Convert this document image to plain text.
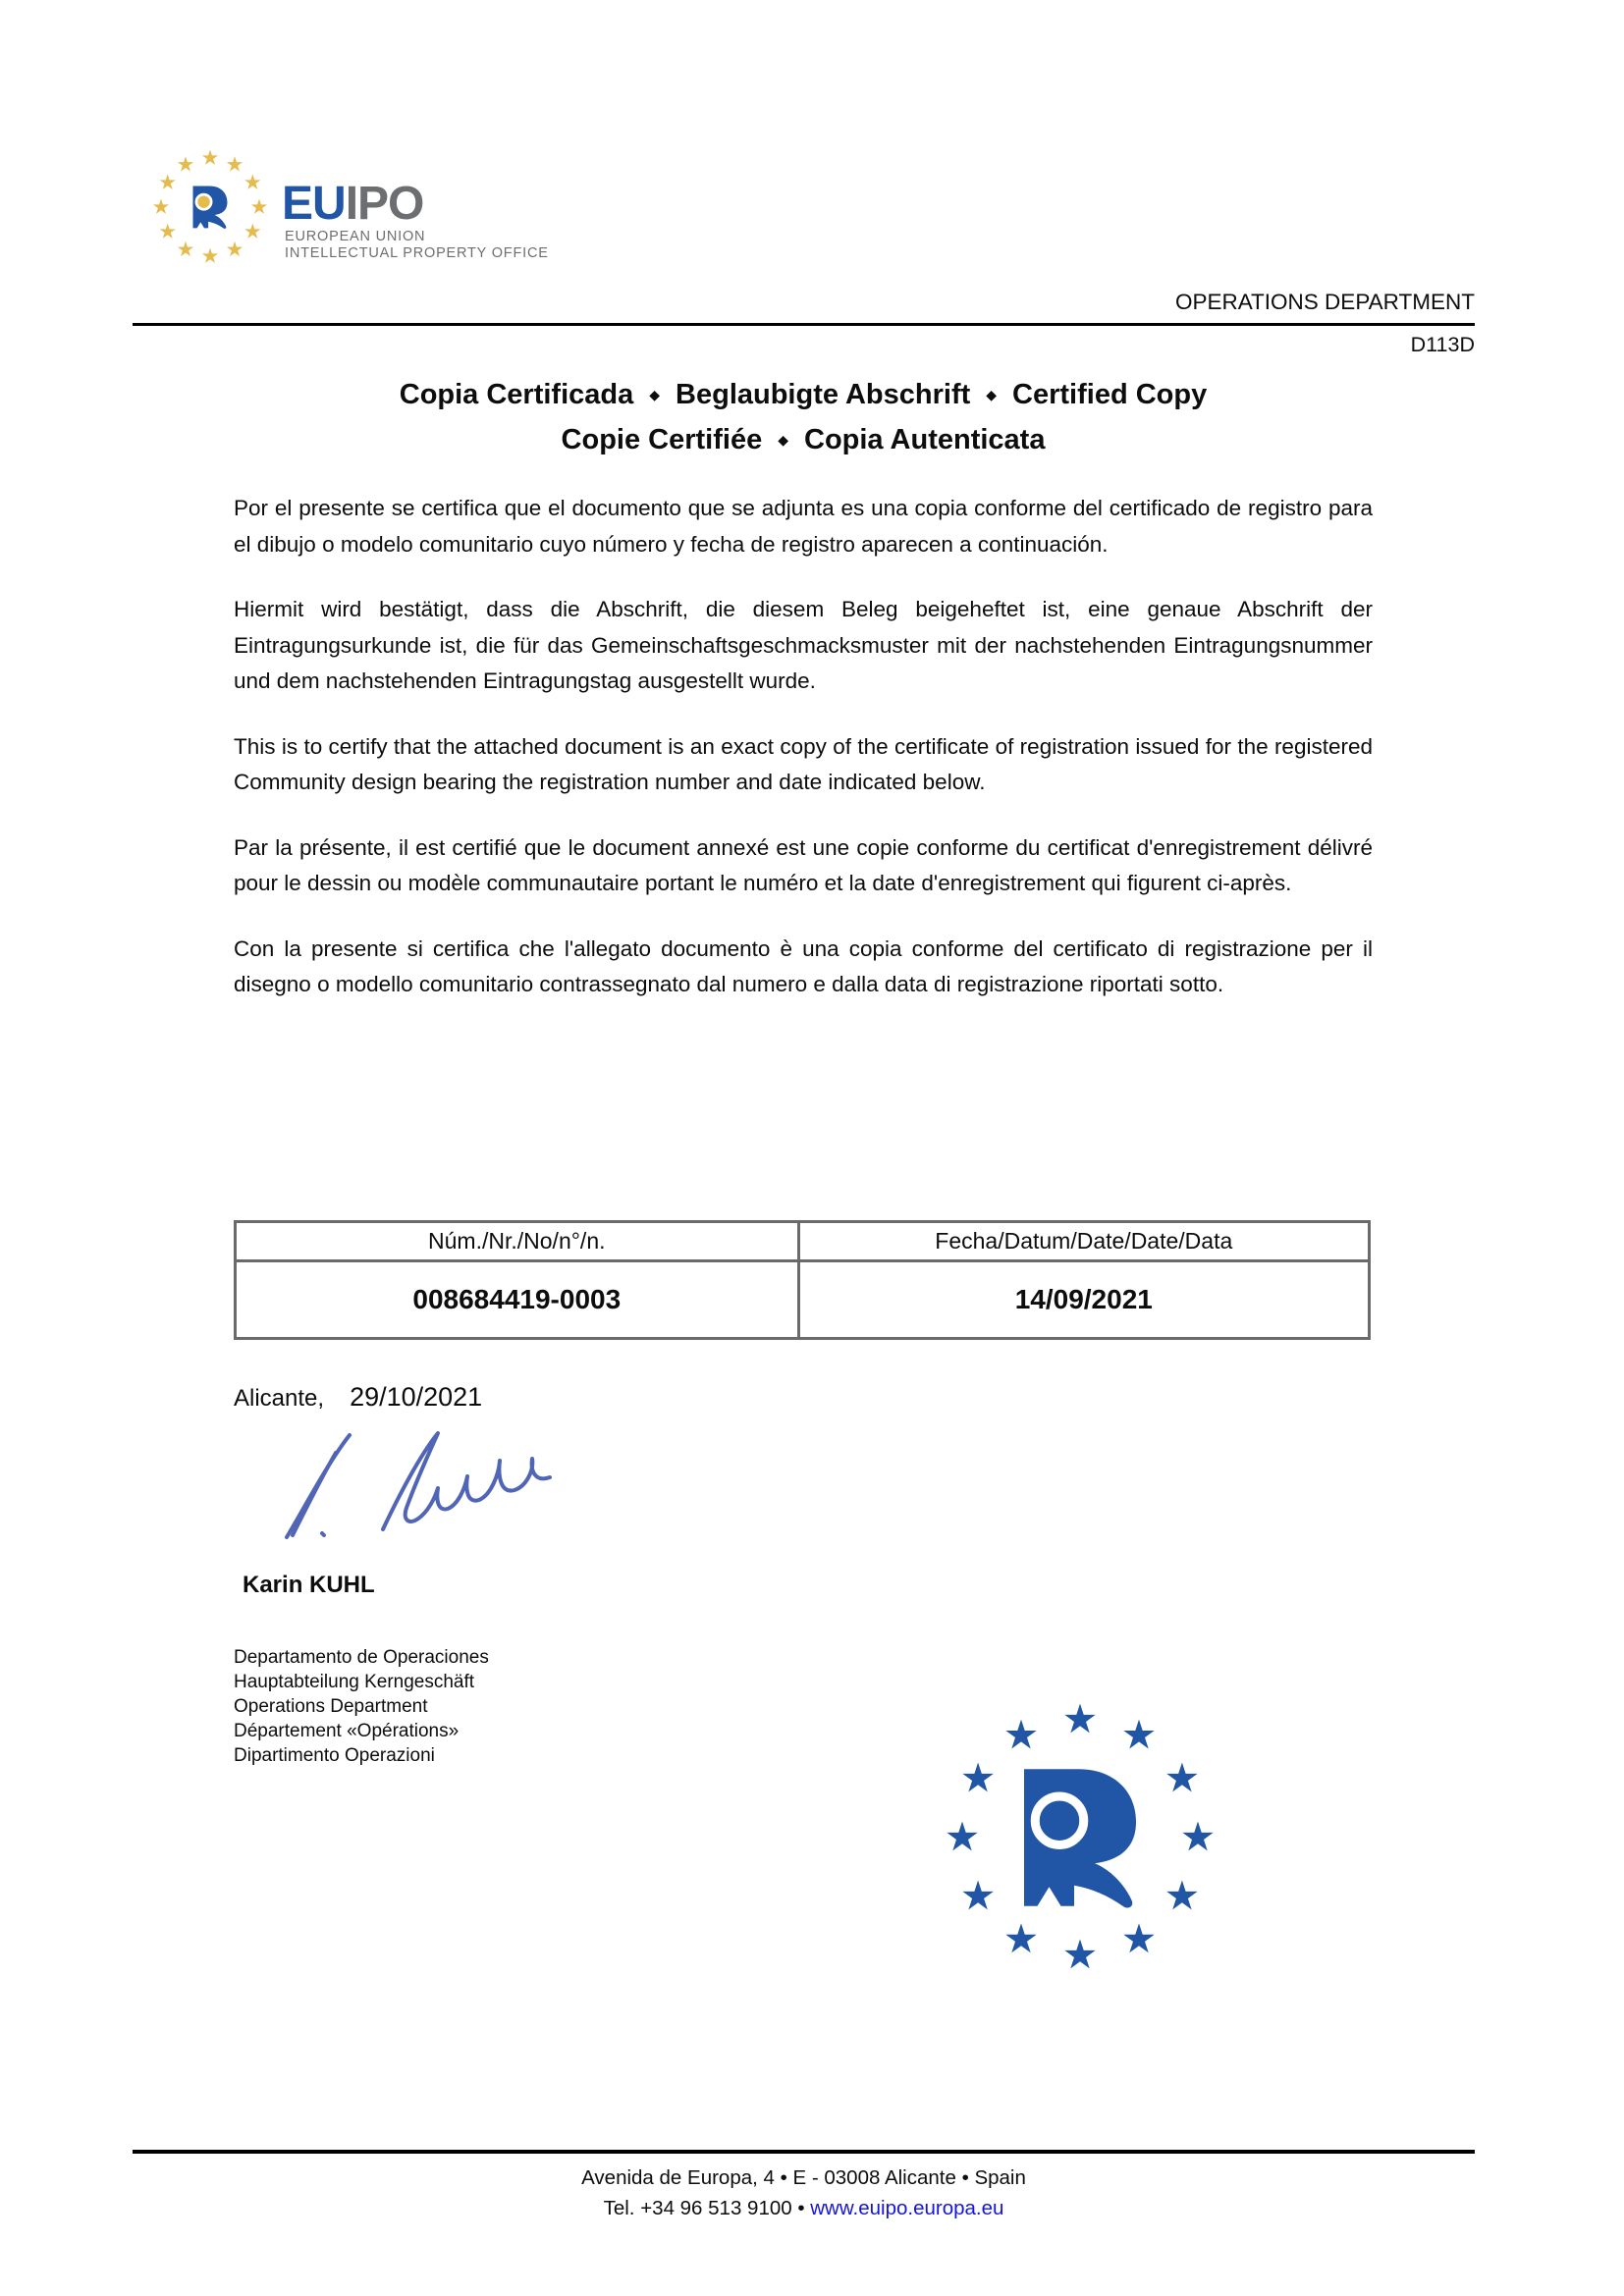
EUIPO
EUROPEAN UNION
INTELLECTUAL PROPERTY OFFICE
OPERATIONS DEPARTMENT
D113D
Copia Certificada ◆ Beglaubigte Abschrift ◆ Certified Copy
Copie Certifiée ◆ Copia Autenticata

Por el presente se certifica que el documento que se adjunta es una copia conforme del certificado de registro para el dibujo o modelo comunitario cuyo número y fecha de registro aparecen a continuación.

Hiermit wird bestätigt, dass die Abschrift, die diesem Beleg beigeheftet ist, eine genaue Abschrift der Eintragungsurkunde ist, die für das Gemeinschaftsgeschmacksmuster mit der nachstehenden Eintragungsnummer und dem nachstehenden Eintragungstag ausgestellt wurde.

This is to certify that the attached document is an exact copy of the certificate of registration issued for the registered Community design bearing the registration number and date indicated below.

Par la présente, il est certifié que le document annexé est une copie conforme du certificat d'enregistrement délivré pour le dessin ou modèle communautaire portant le numéro et la date d'enregistrement qui figurent ci-après.

Con la presente si certifica che l'allegato documento è una copia conforme del certificato di registrazione per il disegno o modello comunitario contrassegnato dal numero e dalla data di registrazione riportati sotto.

Núm./Nr./No/n°/n.	Fecha/Datum/Date/Date/Data
008684419-0003	14/09/2021
Alicante, 29/10/2021
Karin KUHL
Departamento de Operaciones
Hauptabteilung Kerngeschäft
Operations Department
Département «Opérations»
Dipartimento Operazioni
Avenida de Europa, 4 • E - 03008 Alicante • Spain
Tel. +34 96 513 9100 • www.euipo.europa.eu
